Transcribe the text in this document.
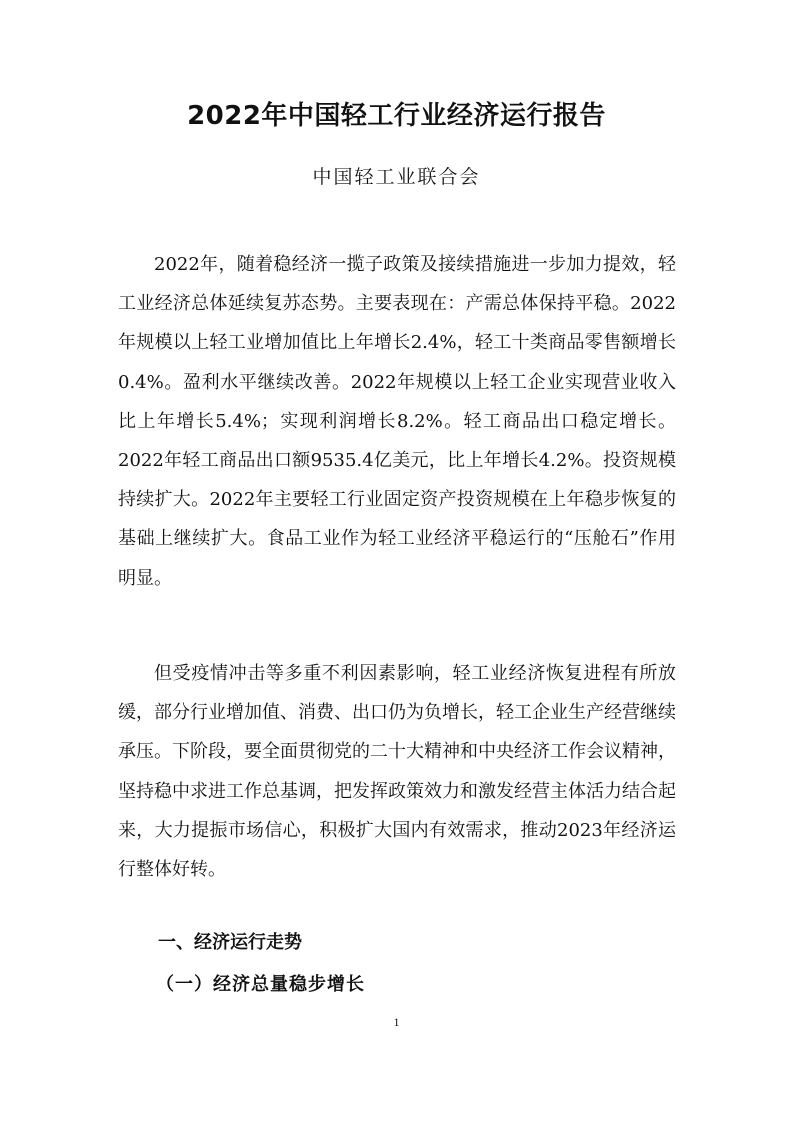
2022年中国轻工行业经济运行报告

中国轻工业联合会

2022年，随着稳经济一揽子政策及接续措施进一步加力提效，轻工业经济总体延续复苏态势。主要表现在：产需总体保持平稳。2022年规模以上轻工业增加值比上年增长2.4%，轻工十类商品零售额增长0.4%。盈利水平继续改善。2022年规模以上轻工企业实现营业收入比上年增长5.4%；实现利润增长8.2%。轻工商品出口稳定增长。2022年轻工商品出口额9535.4亿美元，比上年增长4.2%。投资规模持续扩大。2022年主要轻工行业固定资产投资规模在上年稳步恢复的基础上继续扩大。食品工业作为轻工业经济平稳运行的“压舱石”作用明显。

但受疫情冲击等多重不利因素影响，轻工业经济恢复进程有所放缓，部分行业增加值、消费、出口仍为负增长，轻工企业生产经营继续承压。下阶段，要全面贯彻党的二十大精神和中央经济工作会议精神，坚持稳中求进工作总基调，把发挥政策效力和激发经营主体活力结合起来，大力提振市场信心，积极扩大国内有效需求，推动2023年经济运行整体好转。

一、经济运行走势
（一）经济总量稳步增长
1
